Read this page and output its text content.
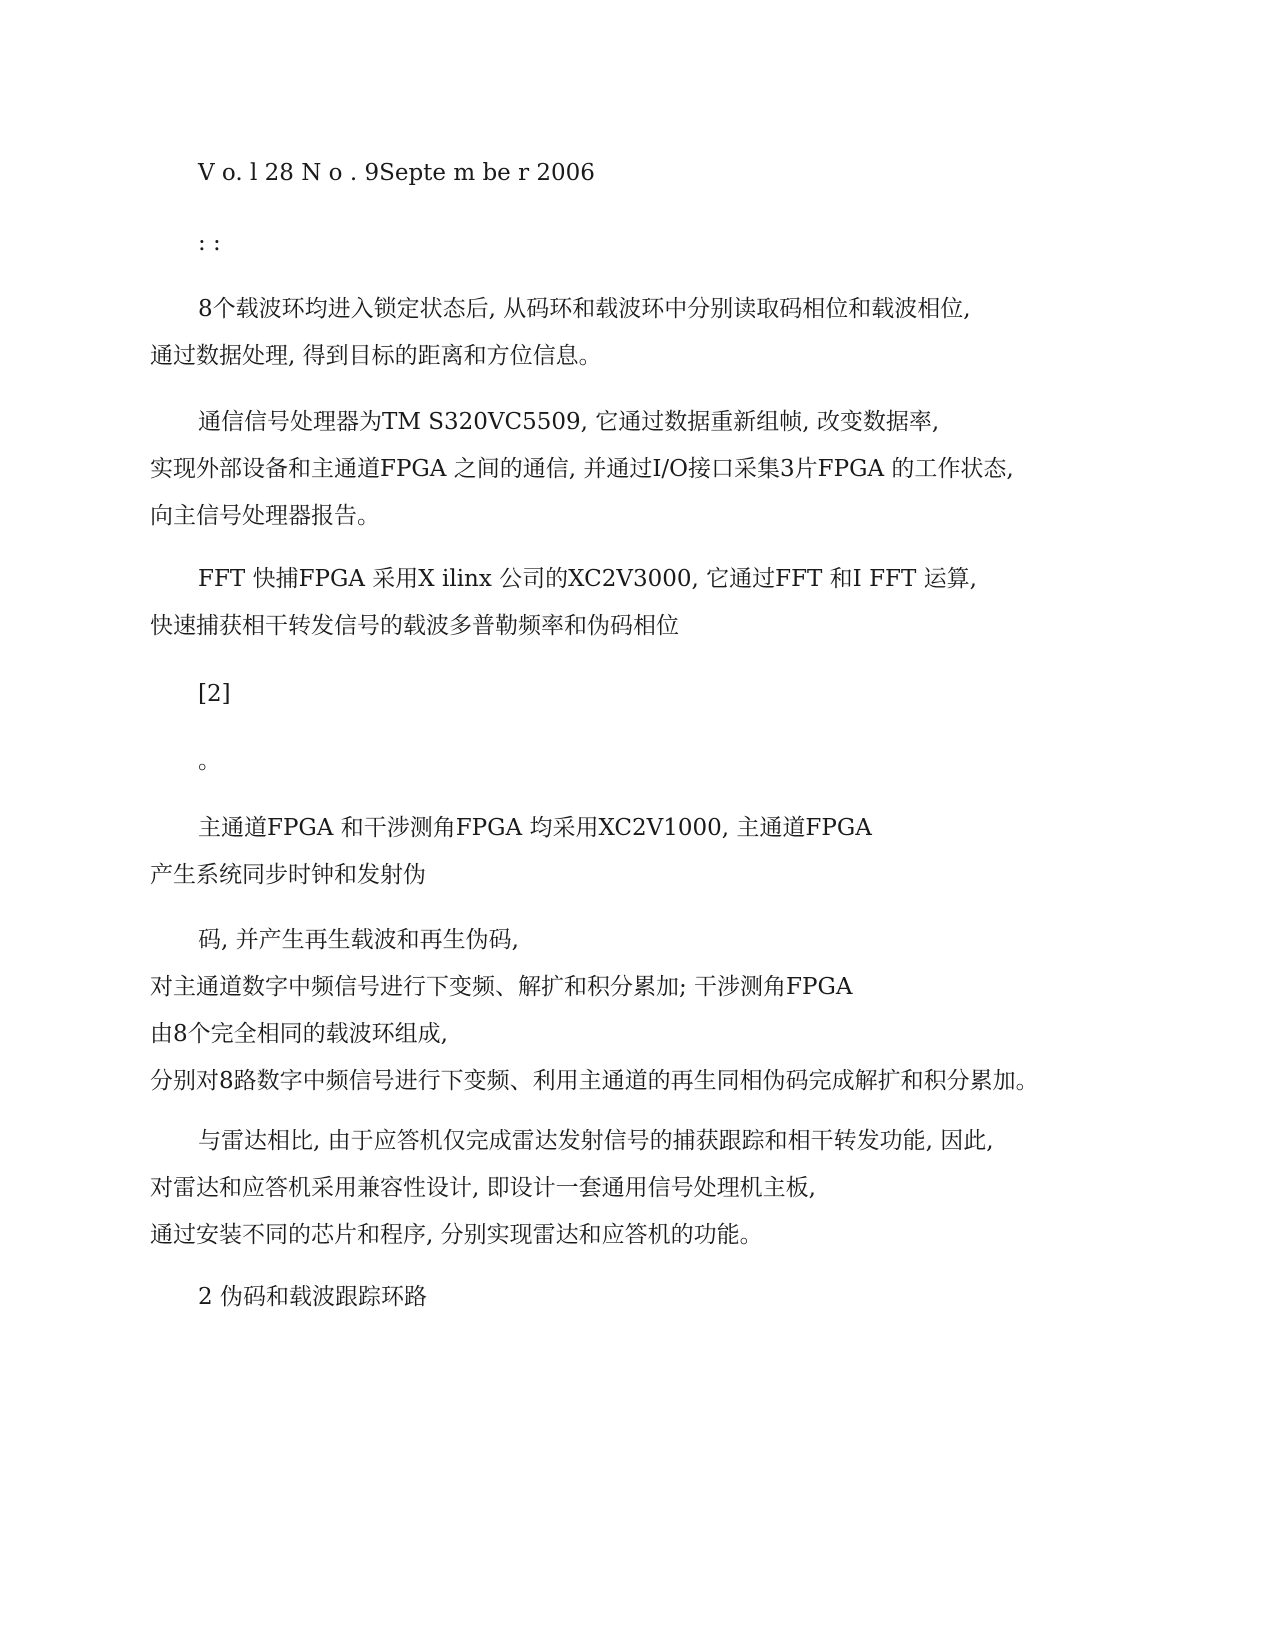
V o. l 28 N o . 9Septe m be r 2006
: :
8个载波环均进入锁定状态后, 从码环和载波环中分别读取码相位和载波相位,
通过数据处理, 得到目标的距离和方位信息。
通信信号处理器为TM S320VC5509, 它通过数据重新组帧, 改变数据率,
实现外部设备和主通道FPGA 之间的通信, 并通过I/O接口采集3片FPGA 的工作状态,
向主信号处理器报告。
FFT 快捕FPGA 采用X ilinx 公司的XC2V3000, 它通过FFT 和I FFT 运算,
快速捕获相干转发信号的载波多普勒频率和伪码相位
[2]
。
主通道FPGA 和干涉测角FPGA 均采用XC2V1000, 主通道FPGA
产生系统同步时钟和发射伪
码, 并产生再生载波和再生伪码,
对主通道数字中频信号进行下变频、解扩和积分累加; 干涉测角FPGA
由8个完全相同的载波环组成,
分别对8路数字中频信号进行下变频、利用主通道的再生同相伪码完成解扩和积分累加。
与雷达相比, 由于应答机仅完成雷达发射信号的捕获跟踪和相干转发功能, 因此,
对雷达和应答机采用兼容性设计, 即设计一套通用信号处理机主板,
通过安装不同的芯片和程序, 分别实现雷达和应答机的功能。
2 伪码和载波跟踪环路
